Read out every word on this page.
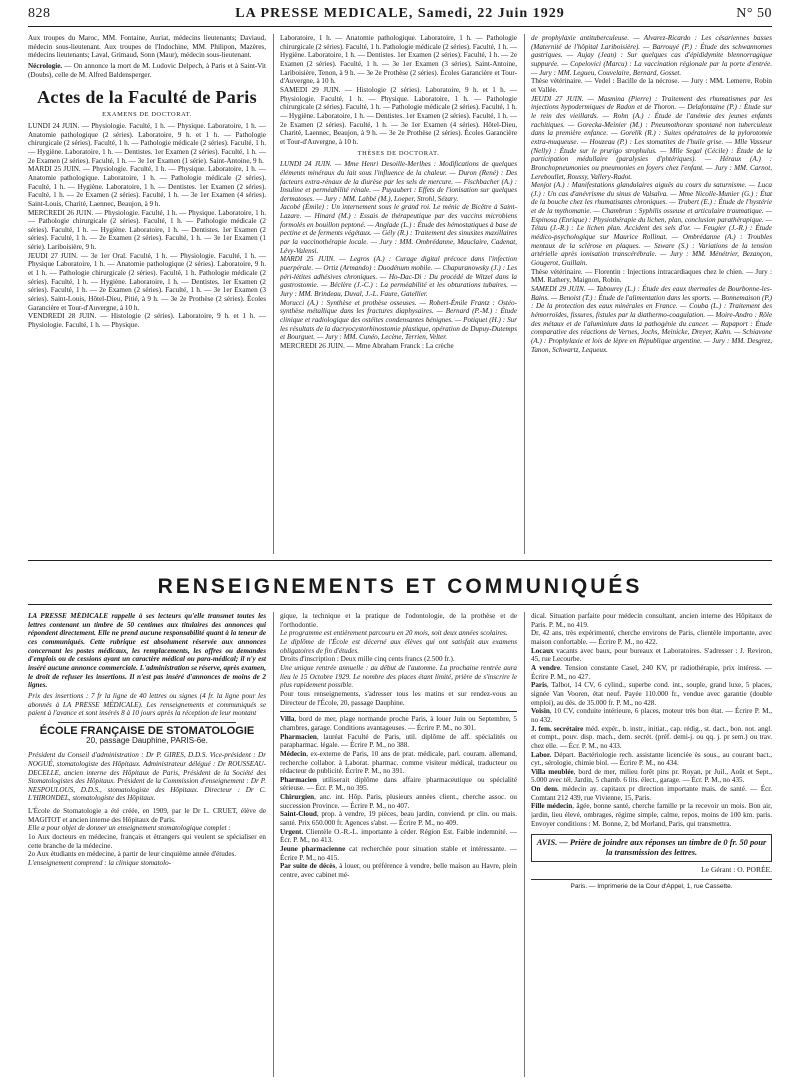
828	LA PRESSE MEDICALE, Samedi, 22 Juin 1929	N° 50

Aux troupes du Maroc, MM. Fontaine, Auriat, médecins lieutenants; Daviaud, médecin sous-lieutenant. Aux troupes de l'Indochine, MM. Philipon, Mazères, médecins lieutenants; Laval, Grimaud, Sonn (Maur), médecin sous-lieutenant.

Nécrologie. — On annonce la mort de M. Ludovic Delpech, à Paris et à Saint-Vit (Doubs), celle de M. Alfred Baldensperger.

Actes de la Faculté de Paris
EXAMENS DE DOCTORAT.

LUNDI 24 JUIN. — Physiologie. Faculté, 1 h. — Physique. Laboratoire, 1 h. — Anatomie pathologique (2 séries). Laboratoire, 9 h. et 1 h. — Pathologie chirurgicale (2 séries). Faculté, 1 h. — Pathologie médicale (2 séries). Faculté, 1 h. — Hygiène. Laboratoire, 1 h. — Dentistes. 1er Examen (2 séries). Faculté, 1 h. — 2e Examen (2 séries). Faculté, 1 h. — 3e 1er Examen (1 série). Saint-Antoine, 9 h.

MARDI 25 JUIN. — Physiologie. Faculté, 1 h. — Physique. Laboratoire, 1 h. — Anatomie pathologique. Laboratoire, 1 h. — Pathologie médicale (2 séries). Faculté, 1 h. — Hygiène. Laboratoire, 1 h. — Dentistes. 1er Examen (2 séries). Faculté, 1 h. — 2e Examen (2 séries). Faculté, 1 h. — 3e 1er Examen (4 séries). Saint-Louis, Charité, Laennec, Beaujon, à 9 h.

MERCREDI 26 JUIN. — Physiologie. Faculté, 1 h. — Physique. Laboratoire, 1 h. — Pathologie chirurgicale (2 séries). Faculté, 1 h. — Pathologie médicale (2 séries). Faculté, 1 h. — Hygiène. Laboratoire, 1 h. — Dentistes. 1er Examen (2 séries). Faculté, 1 h. — 2e Examen (2 séries). Faculté, 1 h. — 3e 1er Examen (1 série). Lariboisière, 9 h.

JEUDI 27 JUIN. — 3e 1er Oral. Faculté, 1 h. — Physiologie. Faculté, 1 h. — Physique Laboratoire, 1 h. — Anatomie pathologique (2 séries). Laboratoire, 9 h. et 1 h. — Pathologie chirurgicale (2 séries). Faculté, 1 h. Pathologie médicale (2 séries). Faculté, 1 h. — Hygiène. Laboratoire, 1 h. — Dentistes. 1er Examen (2 séries). Faculté, 1 h. — 2e Examen (2 séries). Faculté, 1 h. — 3e 1er Examen (3 séries). Saint-Louis, Hôtel-Dieu, Pitié, à 9 h. — 3e 2e Prothèse (2 séries). Écoles Garancière et Tour-d'Auvergne, à 10 h.

VENDREDI 28 JUIN. — Histologie (2 séries). Laboratoire, 9 h. et 1 h. — Physiologie. Faculté, 1 h. — Physique.

Laboratoire, 1 h. — Anatomie pathologique. Laboratoire, 1 h. — Pathologie chirurgicale (2 séries). Faculté, 1 h. Pathologie médicale (2 séries). Faculté, 1 h. — Hygiène. Laboratoire, 1 h. — Dentistes. 1er Examen (2 séries). Faculté, 1 h. — 2e Examen (2 séries). Faculté, 1 h. — 3e 1er Examen (3 séries). Saint-Antoine, Lariboisière, Tenon, à 9 h. — 3e 2e Prothèse (2 séries). Écoles Garancière et Tour-d'Auvergne, à 10 h.

SAMEDI 29 JUIN. — Histologie (2 séries). Laboratoire, 9 h. et 1 h. — Physiologie. Faculté, 1 h. — Physique. Laboratoire, 1 h. — Pathologie chirurgicale (2 séries). Faculté, 1 h. — Pathologie médicale (2 séries). Faculté, 1 h. — Hygiène. Laboratoire, 1 h. — Dentistes. 1er Examen (2 séries). Faculté, 1 h. — 2e Examen (2 séries). Faculté, 1 h. — 3e 1er Examen (4 séries). Hôtel-Dieu, Charité, Laennec, Beaujon, à 9 h. — 3e 2e Prothèse (2 séries). Écoles Garancière et Tour-d'Auvergne, à 10 h.

THÈSES DE DOCTORAT.

LUNDI 24 JUIN. — Mme Henri Desoille-Merlhes : Modifications de quelques éléments minéraux du lait sous l'influence de la chaleur. — Duron (René) : Des facteurs extra-rénaux de la diurèse par les sels de mercure. — Fischbacher (A.) : Insuline et perméabilité rénale. — Puyaubert : Effets de l'ionisation sur quelques dermatoses. — Jury : MM. Labbé (M.), Loeper, Strohl, Sézary.

Jacobé (Émile) : Un internement sous le grand roi. Le ménic de Bicêtre à Saint-Lazare. — Hinard (M.) : Essais de thérapeutique par des vaccins microbiens formolés en bouillon peptoné. — Anglade (L.) : Étude des hémostatiques à base de pectine et de ferments végétaux. — Gély (R.) : Traitement des sinusites maxillaires par la vaccinothérapie locale. — Jury : MM. Ombrédanne, Mauclaire, Cadenat, Lévy-Valensi.

MARDI 25 JUIN. — Legros (A.) : Curage digital précoce dans l'infection puerpérale. — Ortiz (Armando) : Duodénum mobile. — Chapuranowsky (J.) : Les péri-létites adhésives chroniques. — Ho-Dac-Di : Du procédé de Witzel dans la gastrostomie. — Béclère (J.-C.) : La perméabilité et les obturations tubaires. — Jury : MM. Brindeau, Duval, J.-L. Faure, Gatellier.

Morucci (A.) : Synthèse et prothèse osseuses. — Robert-Émile Frantz : Ostéo-synthèse métallique dans les fractures diaphysaires. — Bernard (P.-M.) : Étude clinique et radiologique des ostéites condensantes bénignes. — Potiquet (H.) : Sur les résultats de la dacryocystorhinostomie plastique, opération de Dupuy-Dutemps et Bourguet. — Jury : MM. Cunéo, Lecène, Terrien, Velter.

MERCREDI 26 JUIN. — Mme Abraham Franck : La crèche

de prophylaxie antituberculeuse. — Alvarez-Ricardo : Les césariennes basses (Maternité de l'hôpital Lariboisière). — Barrouyé (P.) : Étude des schwannomes gastriques. — Aujay (Jean) : Sur quelques cas d'épididymite blennorragique suppurée. — Copelovici (Marcu) : La vaccination régionale par la porte d'entrée. — Jury : MM. Legueu, Couvelaire, Bernard, Gosset.

Thèse vétérinaire. — Vedel : Bacille de la nécrose. — Jury : MM. Lemerre, Robin et Vallée.

JEUDI 27 JUIN. — Masmina (Pierre) : Traitement des rhumatismes par les injections hypodermiques de Radon et de Thoron. — Delafontaine (P.) : Étude sur le rein des vieillards. — Rohn (A.) : Étude de l'anémie des jeunes enfants rachitiques. — Gorecka-Meinier (M.) : Pneumothorax spontané non tuberculeux dans la première enfance. — Gorelik (R.) : Suites opératoires de la pylorotomie extra-muqueuse. — Houzeau (P.) : Les stomatites de l'huile grise. — Mlle Vasseur (Nelly) : Étude sur le prurigo strophulus. — Mlle Segal (Cécile) : Étude de la participation médullaire (paralysies d'phtériques). — Héraux (A.) : Bronchopneumonies ou pneumonies en foyers chez l'enfant. — Jury : MM. Carnot, Lereboullet, Roussy, Vallery-Radot.

Menjot (A.) : Manifestations glandulaires aiguës au cours du saturnisme. — Luca (J.) : Un cas d'anévrisme du sinus de Valsalva. — Mme Nicolle-Munier (G.) : État de la bouche chez les rhumatisants chroniques. — Trubert (E.) : Étude de l'hystérie et de la mythomanie. — Chambrun : Syphilis osseuse et articulaire traumatique. — Espinosa (Enrique) : Physiothérapie du lichen, plan, conclusion parathérapique. — Tétau (J.-R.) : Le lichen plan. Accident des sels d'or. — Feugier (J.-R.) : Étude médico-psychologique sur Maurice Rollinat. — Ombrédanne (A.) : Troubles mentaux de la sclérose en plaques. — Szware (S.) : Variations de la tension artérielle après ionisation transcérébrale. — Jury : MM. Ménétrier, Bezançon, Gougerot, Guillain.

Thèse vétérinaire. — Florentin : Injections intracardiaques chez le chien. — Jury : MM. Rathery, Maignon, Robin.

SAMEDI 29 JUIN. — Tabourey (L.) : Étude des eaux thermales de Bourbonne-les-Bains. — Benoist (T.) : Étude de l'alimentation dans les sports. — Bonnemaison (P.) : De la protection des eaux minérales en France. — Couba (L.) : Traitement des hémorroïdes, fissures, fistules par la diathermo-coagulation. — Moire-Andro : Rôle des métaux et de l'aluminium dans la pathogénie du cancer. — Rapaport : Étude comparative des réactions de Vernes, Jochs, Meinicke, Dreyer, Kahn. — Schiavone (A.) : Prophylaxie et lois de lèpre en République argentine. — Jury : MM. Desgrez, Tanon, Schwartz, Lequeux.

RENSEIGNEMENTS ET COMMUNIQUÉS

LA PRESSE MÉDICALE rappelle à ses lecteurs qu'elle transmet toutes les lettres contenant un timbre de 50 centimes aux titulaires des annonces qui répondent directement. Elle ne prend aucune responsabilité quant à la teneur de ces communiqués. Cette rubrique est absolument réservée aux annonces concernant les postes médicaux, les remplacements, les offres ou demandes d'emplois ou de cessions ayant un caractère médical ou para-médical; il n'y est inséré aucune annonce commerciale. L'administration se réserve, après examen, le droit de refuser les insertions. Il n'est pas inséré d'annonces de moins de 2 lignes.

Prix des insertions : 7 fr la ligne de 40 lettres ou signes (4 fr. la ligne pour les abonnés à LA PRESSE MÉDICALE). Les renseignements et communiqués se paient à l'avance et sont insérés 8 à 10 jours après la réception de leur montant

ÉCOLE FRANÇAISE DE STOMATOLOGIE
20, passage Dauphine, PARIS-6e.

Président du Conseil d'administration : Dr P. GIRES, D.D.S. Vice-président : Dr NOGUÉ, stomatologiste des Hôpitaux. Administrateur délégué : Dr ROUSSEAU-DECELLE, ancien interne des Hôpitaux de Paris, Président de la Société des Stomatologistes des Hôpitaux. Président de la Commission d'enseignement : Dr P. NESPOULOUS, D.D.S., stomatologiste des Hôpitaux. Directeur : Dr C. L'HIRONDEL, stomatologiste des Hôpitaux.

L'École de Stomatologie a été créée, en 1909, par le Dr L. CRUET, élève de MAGITOT et ancien interne des Hôpitaux de Paris.

Elle a pour objet de donner un enseignement stomatologique complet :

1o Aux docteurs en médecine, français et étrangers qui veulent se spécialiser en cette branche de la médecine.

2o Aux étudiants en médecine, à partir de leur cinquième année d'études.

L'enseignement comprend : la clinique stomatolo-

gique, la technique et la pratique de l'odontologie, de la prothèse et de l'orthodontie.

Le programme est entièrement parcouru en 20 mois, soit deux années scolaires.

Le diplôme de l'École est décerné aux élèves qui ont satisfait aux examens obligatoires de fin d'études.

Droits d'inscription : Deux mille cinq cents francs (2.500 fr.).

Une unique rentrée annuelle : au début de l'automne. La prochaine rentrée aura lieu le 15 Octobre 1929. Le nombre des places étant limité, prière de s'inscrire le plus rapidement possible.

Pour tous renseignements, s'adresser tous les matins et sur rendez-vous au Directeur de l'École, 20, passage Dauphine.

Villa, bord de mer, plage normande proche Paris, à louer Juin ou Septembre, 5 chambres, garage. Conditions avantageuses. — Écrire P. M., no 301.

Pharmacien, lauréat Faculté de Paris, util. diplôme de aff. spécialités ou parapharmac. légale. — Écrire P. M., no 388.

Médecin, ex-externe de Paris, 10 ans de prat. médicale, parl. couram. allemand, recherche collabor. à Laborat. pharmac. comme visiteur médical, traducteur ou rédacteur de publicité. Écrire P. M., no 391.

Pharmacien utiliserait diplôme dans affaire pharmaceutique ou spécialité sérieuse. — Écr. P. M., no 395.

Chirurgien, anc. int. Hôp. Paris, plusieurs années client., cherche assoc. ou succession Province. — Écrire P. M., no 407.

Saint-Cloud, prop. à vendre, 19 pièces, beau jardin, conviend. pr clin. ou mais. santé. Prix 650.000 fr. Agences s'abst. — Écrire P. M., no 409.

Urgent. Clientèle O.-R.-L. importante à céder. Région Est. Faible indemnité. — Écr. P. M., no 413.

Jeune pharmacienne cat recherchée pour situation stable et intéressante. — Écrire P. M., no 415.

Par suite de décès, à louer, ou préférence à vendre, belle maison au Havre, plein centre, avec cabinet mé-

dical. Situation parfaite pour médecin consultant, ancien interne des Hôpitaux de Paris. P. M., no 419.

Dr, 42 ans, très expérimenté, cherche environs de Paris, clientèle importante, avec maison confortable. — Écrire P. M., no 422.

Locaux vacants avec baux, pour bureaux et Laboratoires. S'adresser : J. Reviron, 45, rue Lecourbe.

A vendre. Tension constante Casel, 240 KV, pr radiothérapie, prix intéress. — Écrire P. M., no 427.

Paris, Talbot, 14 CV, 6 cylind., superbe cond. int., souple, grand luxe, 5 places, signée Van Vooren, état neuf. Payée 110.000 fr., vendue avec garantie (double emploi), au dés. de 35.000 fr. P. M., no 428.

Voisin, 10 CV, conduite intérieure, 6 places, moteur très bon état. — Écrire P. M., no 432.

J. fem. secrétaire méd. expér., b. instr., initiat., cap. rédig., st. dact., bon. not. angl. et compt., pouv. disp. mach., dem. secrét. (préf. demi-j. ou qq. j. pr sem.) ou trav. chez elle. — Écr. P. M., no 433.

Labor. Départ. Bactériologie rech. assistante licenciée ès sous., au courant bact., cyt., sérologie, chimie biol. — Écrire P. M., no 434.

Villa meublée, bord de mer, milieu forêt pins pr. Royan, pr Juil., Août et Sept., 5.000 avec tél. Jardin, 5 chamb. 6 lits. élect., garage. — Écr. P. M., no 435.

On dem. médecin ay. capitaux pr direction importante mais. de santé. — Écr. Comtant 212 439, rue Vivienne, 15, Paris.

Fille médecin, âgée, bonne santé, cherche famille pr la recevoir un mois. Bon air, jardin, lieu élevé, ombrages, régime simple, calme, repos, moins de 100 km. paris. Envoyer conditions : M. Bonne, 2, bd Morland, Paris, qui transmettra.

AVIS. — Prière de joindre aux réponses un timbre de 0 fr. 50 pour la transmission des lettres.
Le Gérant : O. PORÉE.
Paris. — Imprimerie de la Cour d'Appel, 1, rue Cassette.
